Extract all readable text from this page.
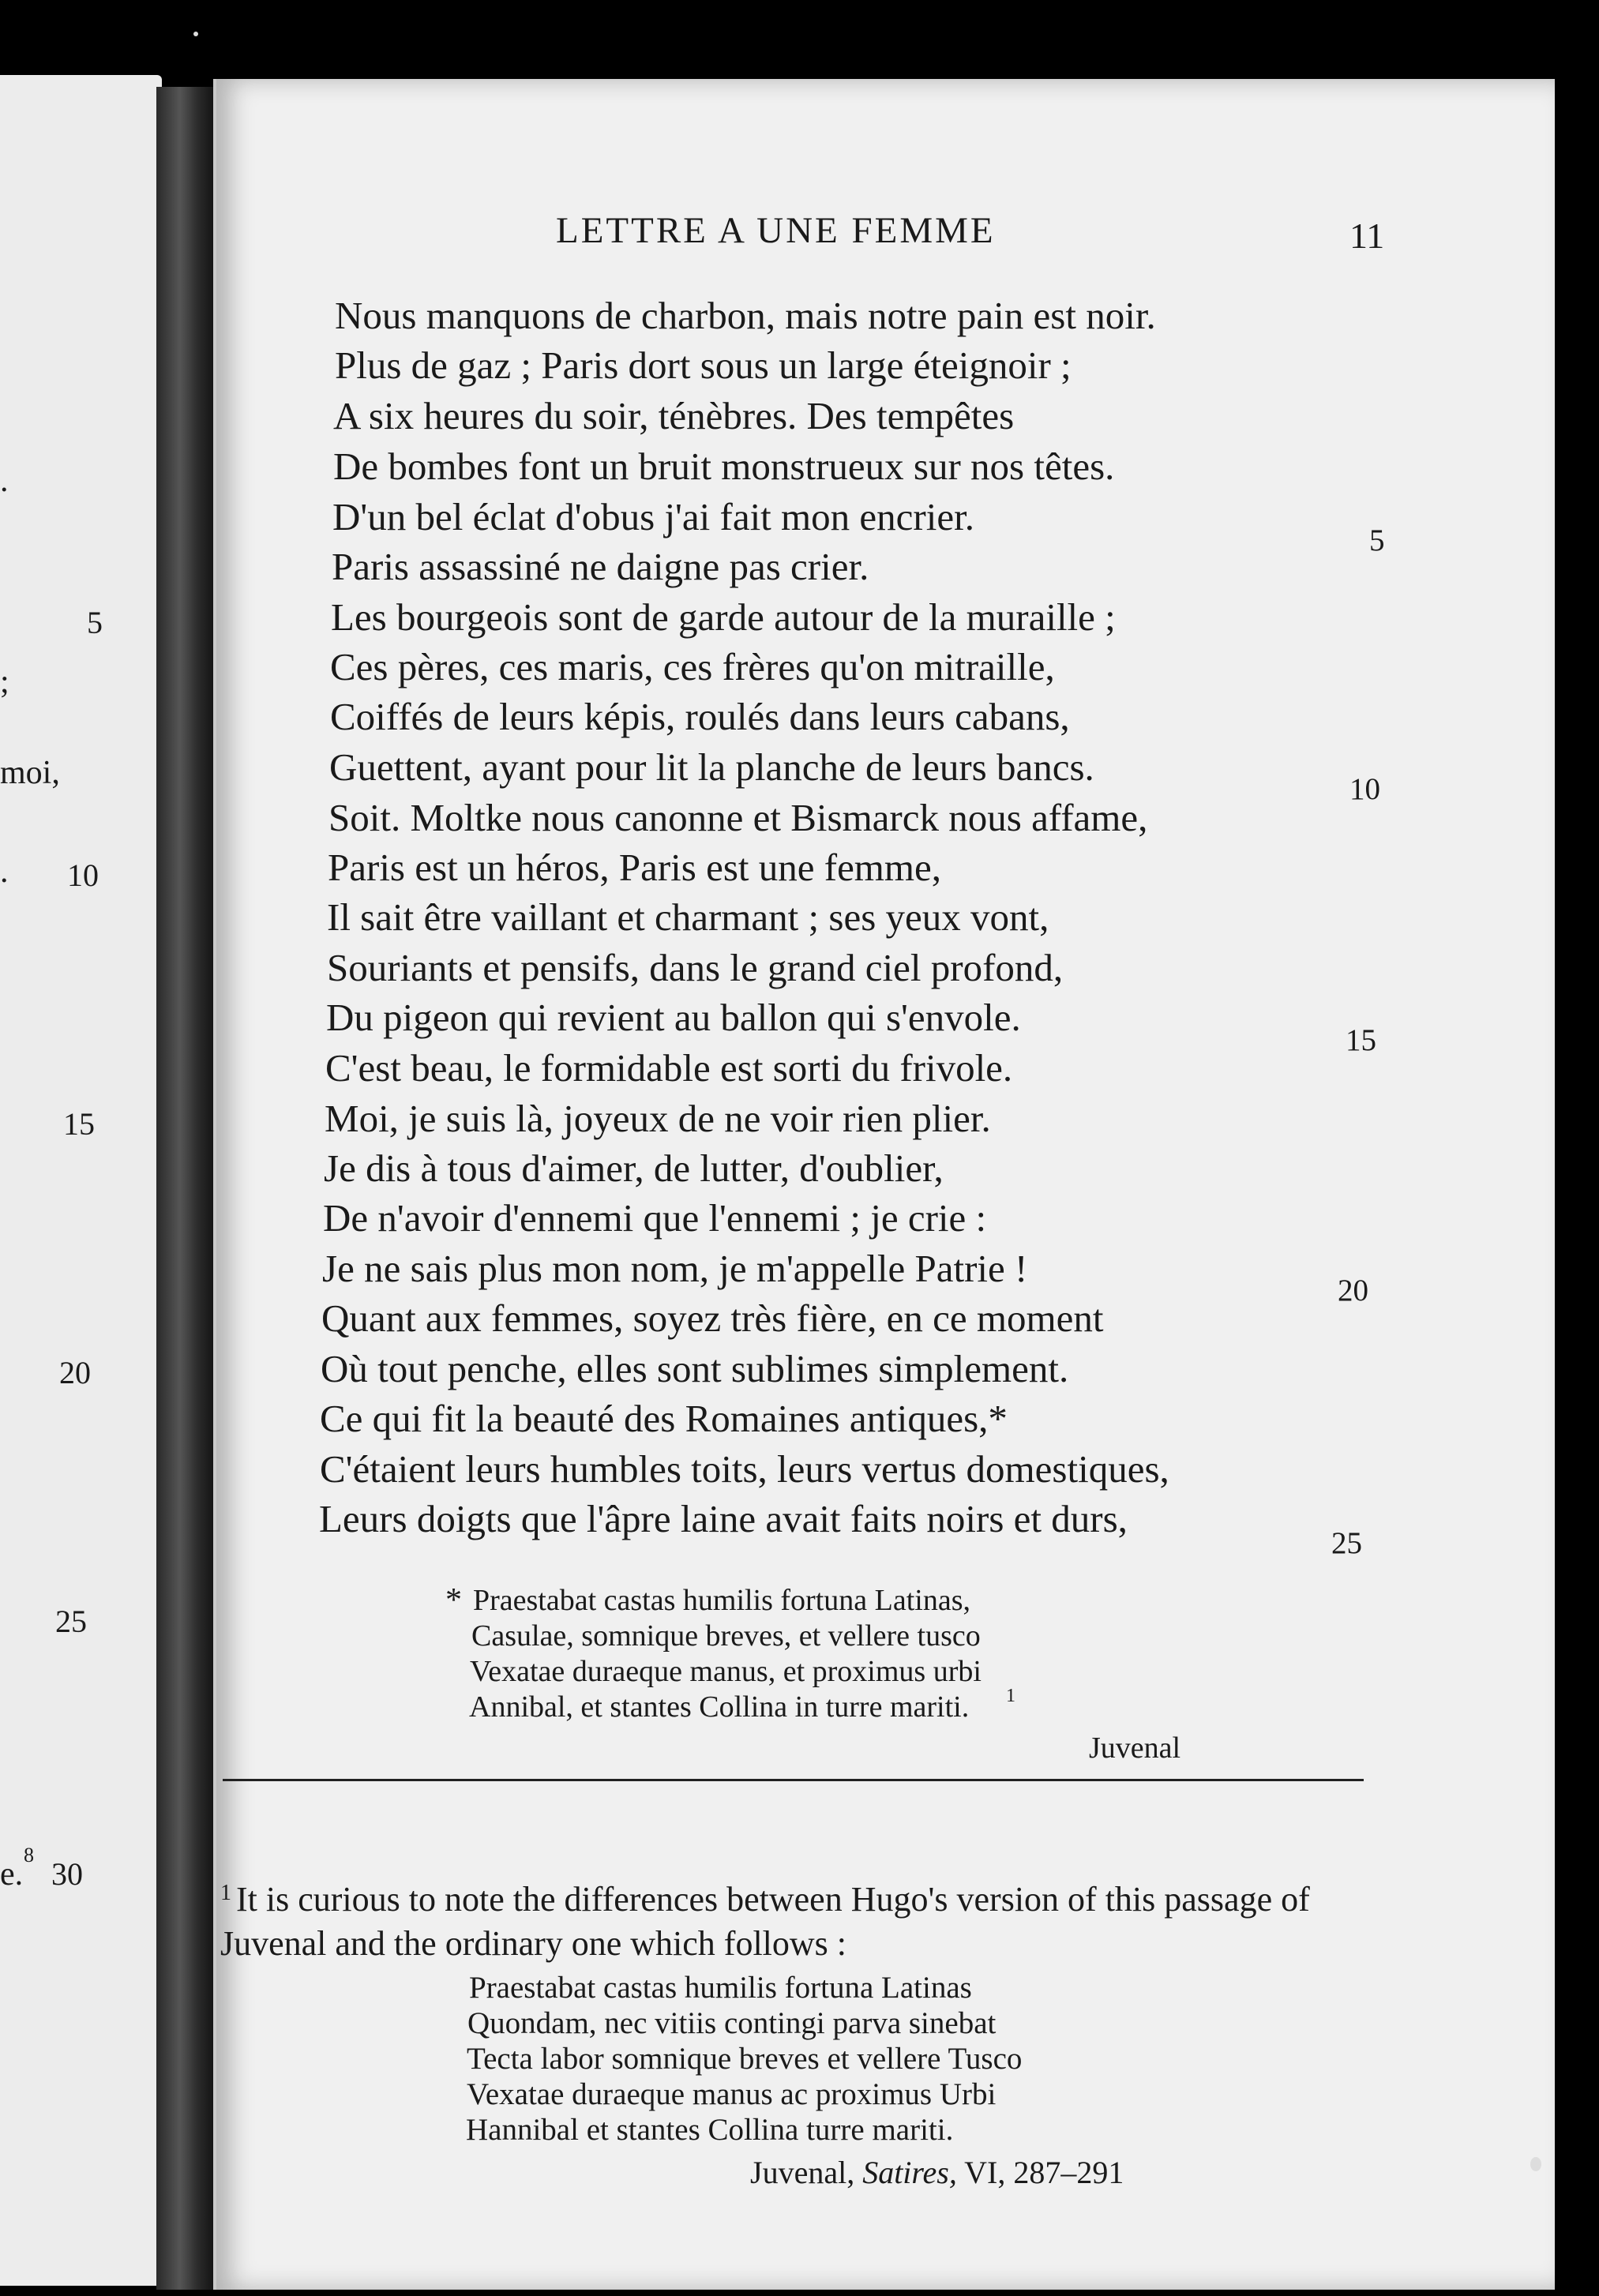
.
;
moi,
.
e.
8
5
10
15
20
25
30
LETTRE A UNE FEMME	11
Nous manquons de charbon, mais notre pain est noir.
Plus de gaz ; Paris dort sous un large éteignoir ;
A six heures du soir, ténèbres. Des tempêtes
De bombes font un bruit monstrueux sur nos têtes.
D'un bel éclat d'obus j'ai fait mon encrier.
Paris assassiné ne daigne pas crier.
Les bourgeois sont de garde autour de la muraille ;
Ces pères, ces maris, ces frères qu'on mitraille,
Coiffés de leurs képis, roulés dans leurs cabans,
Guettent, ayant pour lit la planche de leurs bancs.
Soit. Moltke nous canonne et Bismarck nous affame,
Paris est un héros, Paris est une femme,
Il sait être vaillant et charmant ; ses yeux vont,
Souriants et pensifs, dans le grand ciel profond,
Du pigeon qui revient au ballon qui s'envole.
C'est beau, le formidable est sorti du frivole.
Moi, je suis là, joyeux de ne voir rien plier.
Je dis à tous d'aimer, de lutter, d'oublier,
De n'avoir d'ennemi que l'ennemi ; je crie :
Je ne sais plus mon nom, je m'appelle Patrie !
Quant aux femmes, soyez très fière, en ce moment
Où tout penche, elles sont sublimes simplement.
Ce qui fit la beauté des Romaines antiques,*
C'étaient leurs humbles toits, leurs vertus domestiques,
Leurs doigts que l'âpre laine avait faits noirs et durs,
5
10
15
20
25
* Praestabat castas humilis fortuna Latinas,
Casulae, somnique breves, et vellere tusco
Vexatae duraeque manus, et proximus urbi
Annibal, et stantes Collina in turre mariti. 1
Juvenal
$^1$ It is curious to note the differences between Hugo's version of this passage of Juvenal and the ordinary one which follows :
Praestabat castas humilis fortuna Latinas
Quondam, nec vitiis contingi parva sinebat
Tecta labor somnique breves et vellere Tusco
Vexatae duraeque manus ac proximus Urbi
Hannibal et stantes Collina turre mariti.
Juvenal, Satires, VI, 287–291
